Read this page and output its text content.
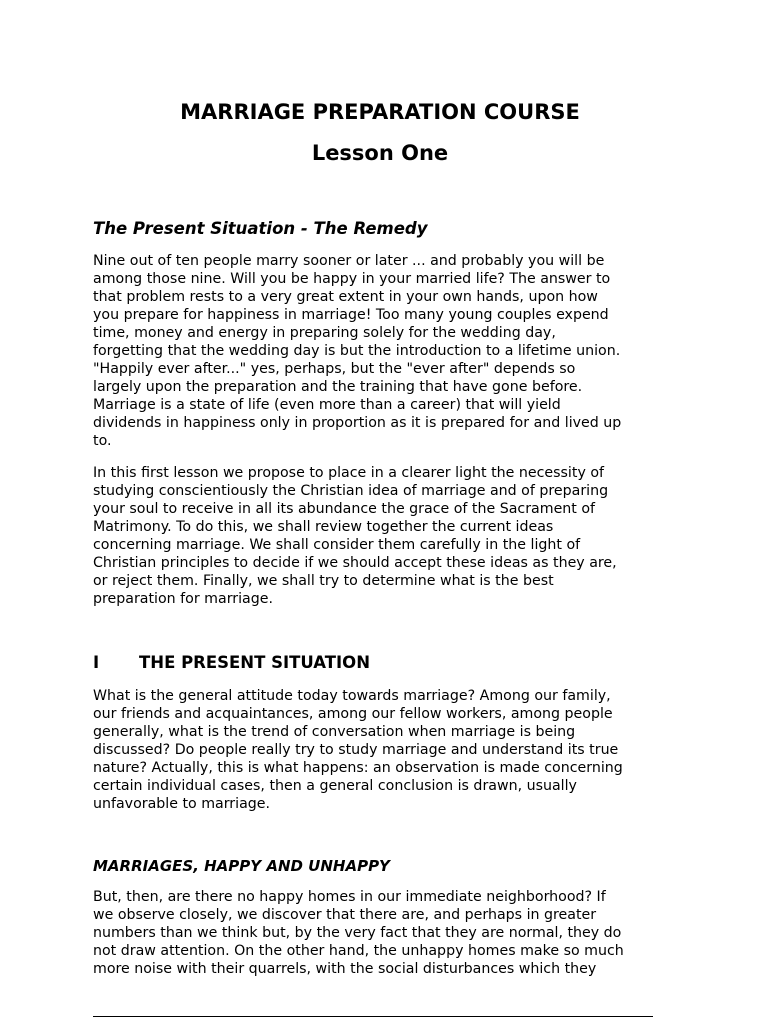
MARRIAGE PREPARATION COURSE
Lesson One
The Present Situation - The Remedy
Nine out of ten people marry sooner or later ... and probably you will be
among those nine. Will you be happy in your married life? The answer to
that problem rests to a very great extent in your own hands, upon how
you prepare for happiness in marriage! Too many young couples expend
time, money and energy in preparing solely for the wedding day,
forgetting that the wedding day is but the introduction to a lifetime union.
"Happily ever after..." yes, perhaps, but the "ever after" depends so
largely upon the preparation and the training that have gone before.
Marriage is a state of life (even more than a career) that will yield
dividends in happiness only in proportion as it is prepared for and lived up
to.
In this first lesson we propose to place in a clearer light the necessity of
studying conscientiously the Christian idea of marriage and of preparing
your soul to receive in all its abundance the grace of the Sacrament of
Matrimony. To do this, we shall review together the current ideas
concerning marriage. We shall consider them carefully in the light of
Christian principles to decide if we should accept these ideas as they are,
or reject them. Finally, we shall try to determine what is the best
preparation for marriage.
I THE PRESENT SITUATION
What is the general attitude today towards marriage? Among our family,
our friends and acquaintances, among our fellow workers, among people
generally, what is the trend of conversation when marriage is being
discussed? Do people really try to study marriage and understand its true
nature? Actually, this is what happens: an observation is made concerning
certain individual cases, then a general conclusion is drawn, usually
unfavorable to marriage.
MARRIAGES, HAPPY AND UNHAPPY
But, then, are there no happy homes in our immediate neighborhood? If
we observe closely, we discover that there are, and perhaps in greater
numbers than we think but, by the very fact that they are normal, they do
not draw attention. On the other hand, the unhappy homes make so much
more noise with their quarrels, with the social disturbances which they
